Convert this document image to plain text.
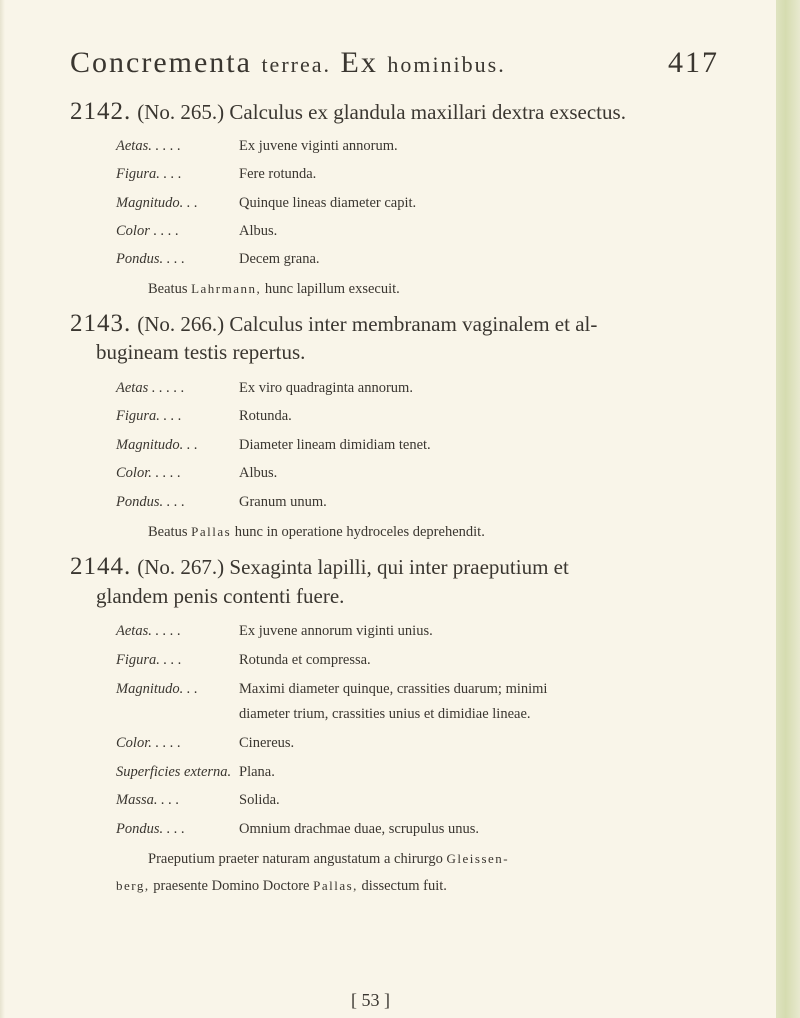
Concrementa terrea. Ex hominibus.	417
2142. (No. 265.) Calculus ex glandula maxillari dextra exsectus.
Aetas. . . . .	Ex juvene viginti annorum.
Figura. . . .	Fere rotunda.
Magnitudo. . .	Quinque lineas diameter capit.
Color . . . .	Albus.
Pondus. . . .	Decem grana.
Beatus Lahrmann, hunc lapillum exsecuit.
2143. (No. 266.) Calculus inter membranam vaginalem et al-
bugineam testis repertus.
Aetas . . . . .	Ex viro quadraginta annorum.
Figura. . . .	Rotunda.
Magnitudo. . .	Diameter lineam dimidiam tenet.
Color. . . . .	Albus.
Pondus. . . .	Granum unum.
Beatus Pallas hunc in operatione hydroceles deprehendit.
2144. (No. 267.) Sexaginta lapilli, qui inter praeputium et
glandem penis contenti fuere.
Aetas. . . . .	Ex juvene annorum viginti unius.
Figura. . . .	Rotunda et compressa.
Magnitudo. . .	Maximi diameter quinque, crassities duarum; minimi
diameter trium, crassities unius et dimidiae lineae.
Color. . . . .	Cinereus.
Superficies externa. Plana.
Massa. . . .	Solida.
Pondus. . . .	Omnium drachmae duae, scrupulus unus.
Praeputium praeter naturam angustatum a chirurgo Gleissen-
berg, praesente Domino Doctore Pallas, dissectum fuit.
[ 53 ]
